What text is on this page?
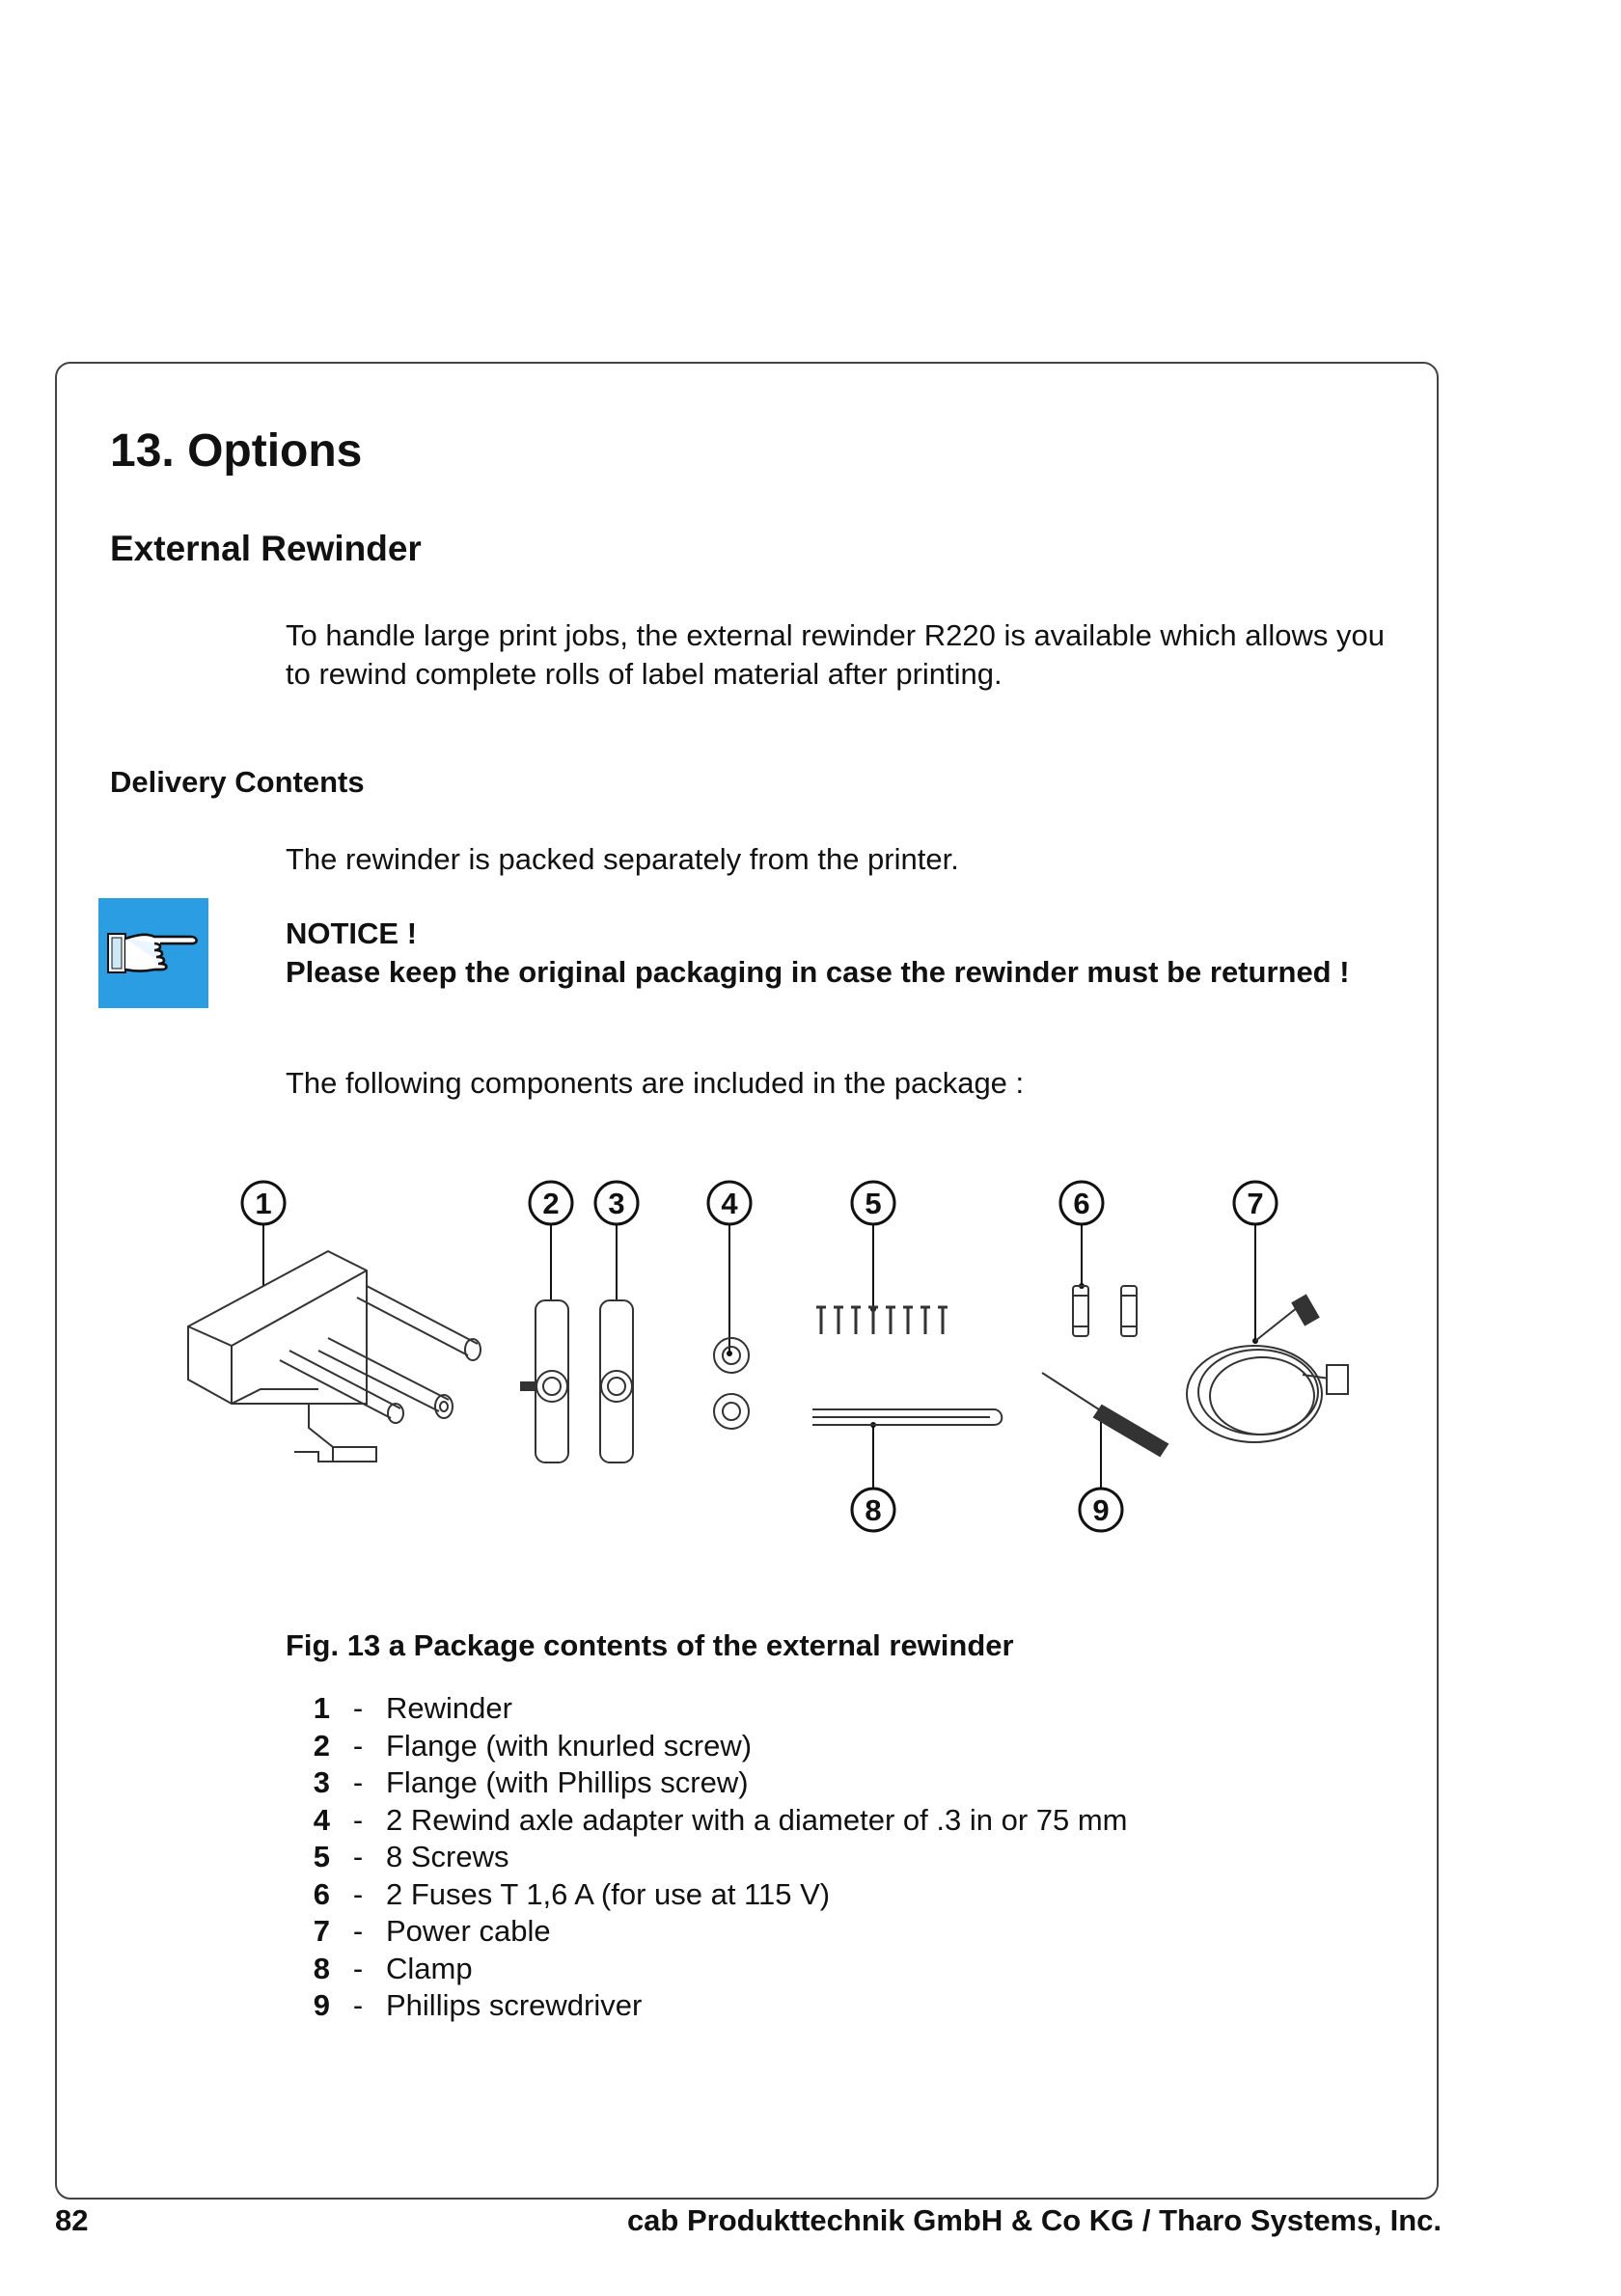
13. Options
External Rewinder

To handle large print jobs, the external rewinder R220 is available which allows you to rewind complete rolls of label material after printing.

Delivery Contents

The rewinder is packed separately from the printer.

NOTICE !
Please keep the original packaging in case the rewinder must be returned !

The following components are included in the package :

1	2 3	4	5	6	7
8	9
Fig. 13 a Package contents of the external rewinder
1 - Rewinder
2 - Flange (with knurled screw)
3 - Flange (with Phillips screw)
4 - 2 Rewind axle adapter with a diameter of .3 in or 75 mm
5 - 8 Screws
6 - 2 Fuses T 1,6 A (for use at 115 V)
7 - Power cable
8 - Clamp
9 - Phillips screwdriver
82	cab Produkttechnik GmbH & Co KG / Tharo Systems, Inc.
